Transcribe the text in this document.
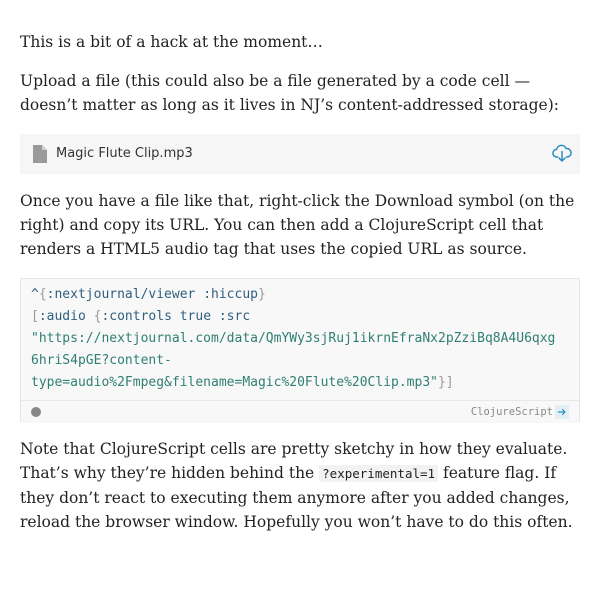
This is a bit of a hack at the moment…

Upload a file (this could also be a file generated by a code cell — doesn’t matter as long as it lives in NJ’s content-addressed storage):

Magic Flute Clip.mp3

Once you have a file like that, right-click the Download symbol (on the right) and copy its URL. You can then add a ClojureScript cell that renders a HTML5 audio tag that uses the copied URL as source.

^{:nextjournal/viewer :hiccup}
[:audio {:controls true :src
"https://nextjournal.com/data/QmYWy3sjRuj1ikrnEfraNx2pZziBq8A4U6qxg
6hriS4pGE?content-
type=audio%2Fmpeg&filename=Magic%20Flute%20Clip.mp3"}]
ClojureScript

Note that ClojureScript cells are pretty sketchy in how they evaluate. That’s why they’re hidden behind the ?experimental=1 feature flag. If they don’t react to executing them anymore after you added changes, reload the browser window. Hopefully you won’t have to do this often.
